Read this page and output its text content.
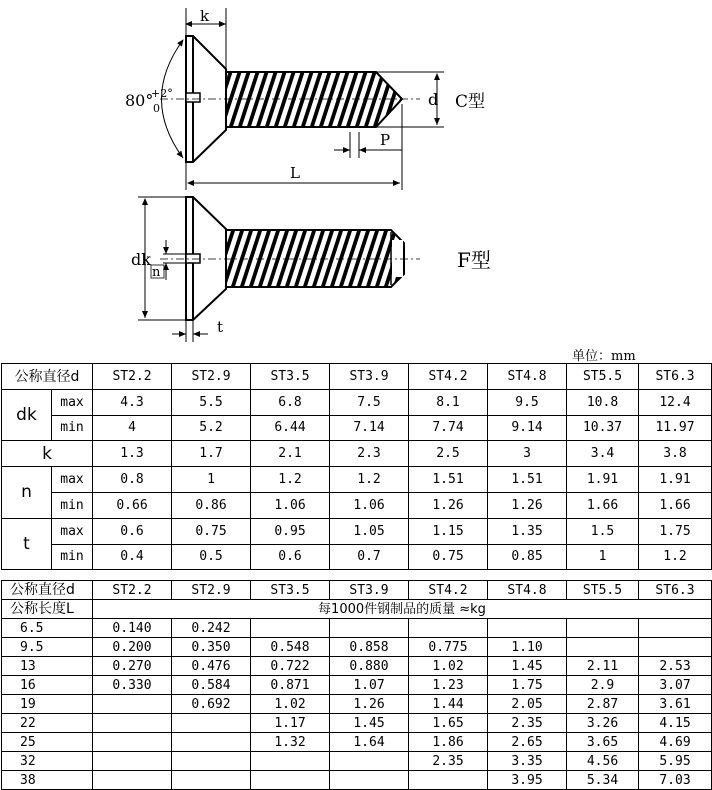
k
80°
+2°
0	d C型
P
L
dk
n
F型
t
单位：mm
公称直径d		ST2.2	ST2.9	ST3.5	ST3.9	ST4.2	ST4.8	ST5.5	ST6.3
dk	max	4.3	5.5	6.8	7.5	8.1	9.5	10.8	12.4
	min	4	5.2	6.44	7.14	7.74	9.14	10.37	11.97
k		1.3	1.7	2.1	2.3	2.5	3	3.4	3.8
n	max	0.8	1	1.2	1.2	1.51	1.51	1.91	1.91
	min	0.66	0.86	1.06	1.06	1.26	1.26	1.66	1.66
t	max	0.6	0.75	0.95	1.05	1.15	1.35	1.5	1.75
	min	0.4	0.5	0.6	0.7	0.75	0.85	1	1.2
公称直径d	ST2.2	ST2.9	ST3.5	ST3.9	ST4.2	ST4.8	ST5.5	ST6.3
公称长度L	每1000件钢制品的质量 ≈kg							
6.5	0.140	0.242						
9.5	0.200	0.350	0.548	0.858	0.775	1.10		
13	0.270	0.476	0.722	0.880	1.02	1.45	2.11	2.53
16	0.330	0.584	0.871	1.07	1.23	1.75	2.9	3.07
19		0.692	1.02	1.26	1.44	2.05	2.87	3.61
22			1.17	1.45	1.65	2.35	3.26	4.15
25			1.32	1.64	1.86	2.65	3.65	4.69
32					2.35	3.35	4.56	5.95
38						3.95	5.34	7.03
